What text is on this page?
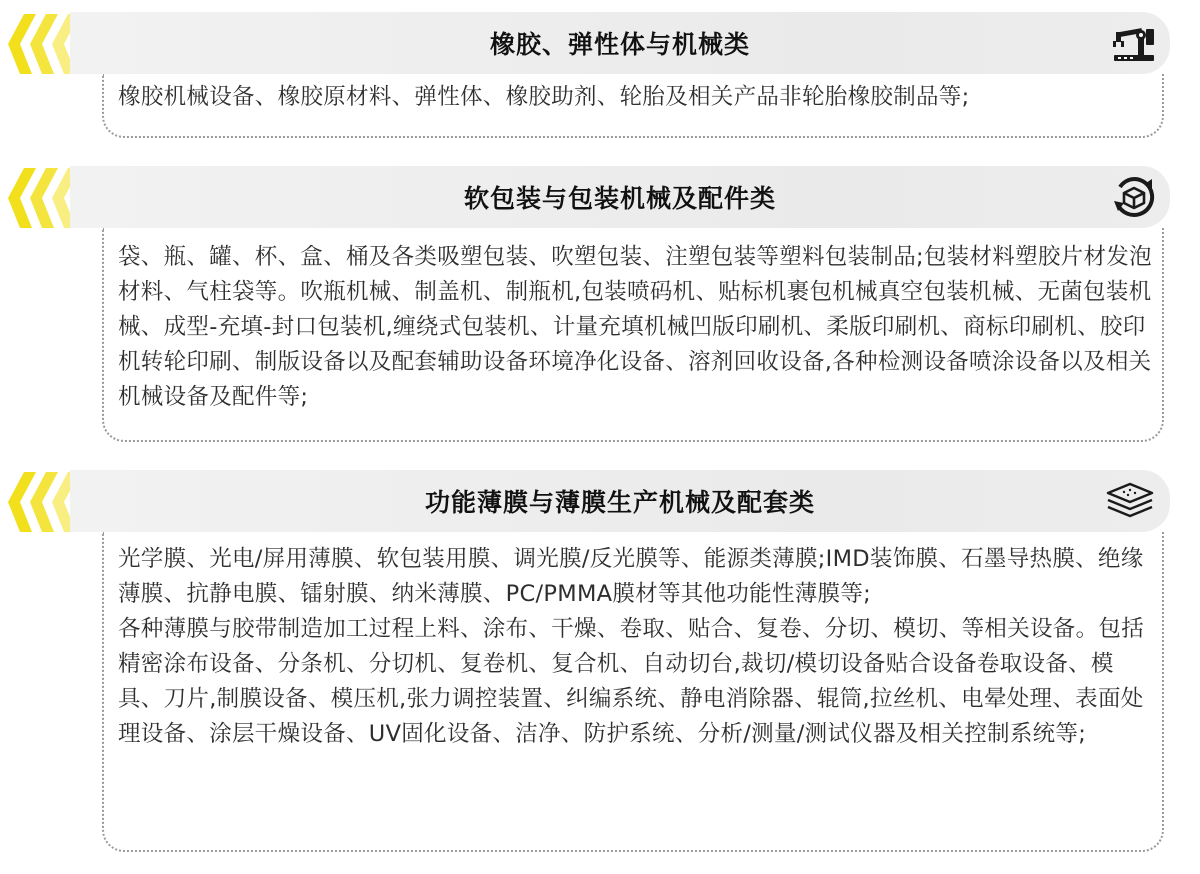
橡胶、弹性体与机械类

橡胶机械设备、橡胶原材料、弹性体、橡胶助剂、轮胎及相关产品非轮胎橡胶制品等;

软包装与包装机械及配件类

袋、瓶、罐、杯、盒、桶及各类吸塑包装、吹塑包装、注塑包装等塑料包装制品;包装材料塑胶片材发泡材料、气柱袋等。吹瓶机械、制盖机、制瓶机,包装喷码机、贴标机裹包机械真空包装机械、无菌包装机械、成型-充填-封口包装机,缠绕式包装机、计量充填机械凹版印刷机、柔版印刷机、商标印刷机、胶印机转轮印刷、制版设备以及配套辅助设备环境净化设备、溶剂回收设备,各种检测设备喷涂设备以及相关机械设备及配件等;

功能薄膜与薄膜生产机械及配套类

光学膜、光电/屏用薄膜、软包装用膜、调光膜/反光膜等、能源类薄膜;IMD装饰膜、石墨导热膜、绝缘薄膜、抗静电膜、镭射膜、纳米薄膜、PC/PMMA膜材等其他功能性薄膜等;

各种薄膜与胶带制造加工过程上料、涂布、干燥、卷取、贴合、复卷、分切、模切、等相关设备。包括精密涂布设备、分条机、分切机、复卷机、复合机、自动切台,裁切/模切设备贴合设备卷取设备、模具、刀片,制膜设备、模压机,张力调控装置、纠编系统、静电消除器、辊筒,拉丝机、电晕处理、表面处理设备、涂层干燥设备、UV固化设备、洁净、防护系统、分析/测量/测试仪器及相关控制系统等;
